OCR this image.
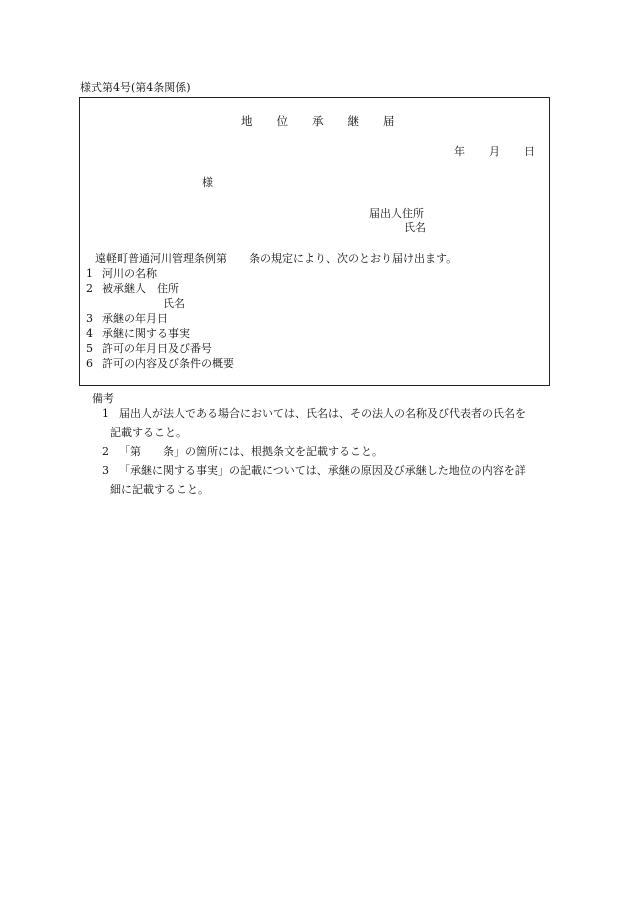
様式第4号(第4条関係)
地 位 承 継 届
年 月 日
様
届出人住所
氏名
遠軽町普通河川管理条例第　　条の規定により、次のとおり届け出ます。
1 河川の名称
2 被承継人　住所
氏名
3 承継の年月日
4 承継に関する事実
5 許可の年月日及び番号
6 許可の内容及び条件の概要
備考
1 届出人が法人である場合においては、氏名は、その法人の名称及び代表者の氏名を
記載すること。
2 「第　　条」の箇所には、根拠条文を記載すること。
3 「承継に関する事実」の記載については、承継の原因及び承継した地位の内容を詳
細に記載すること。
